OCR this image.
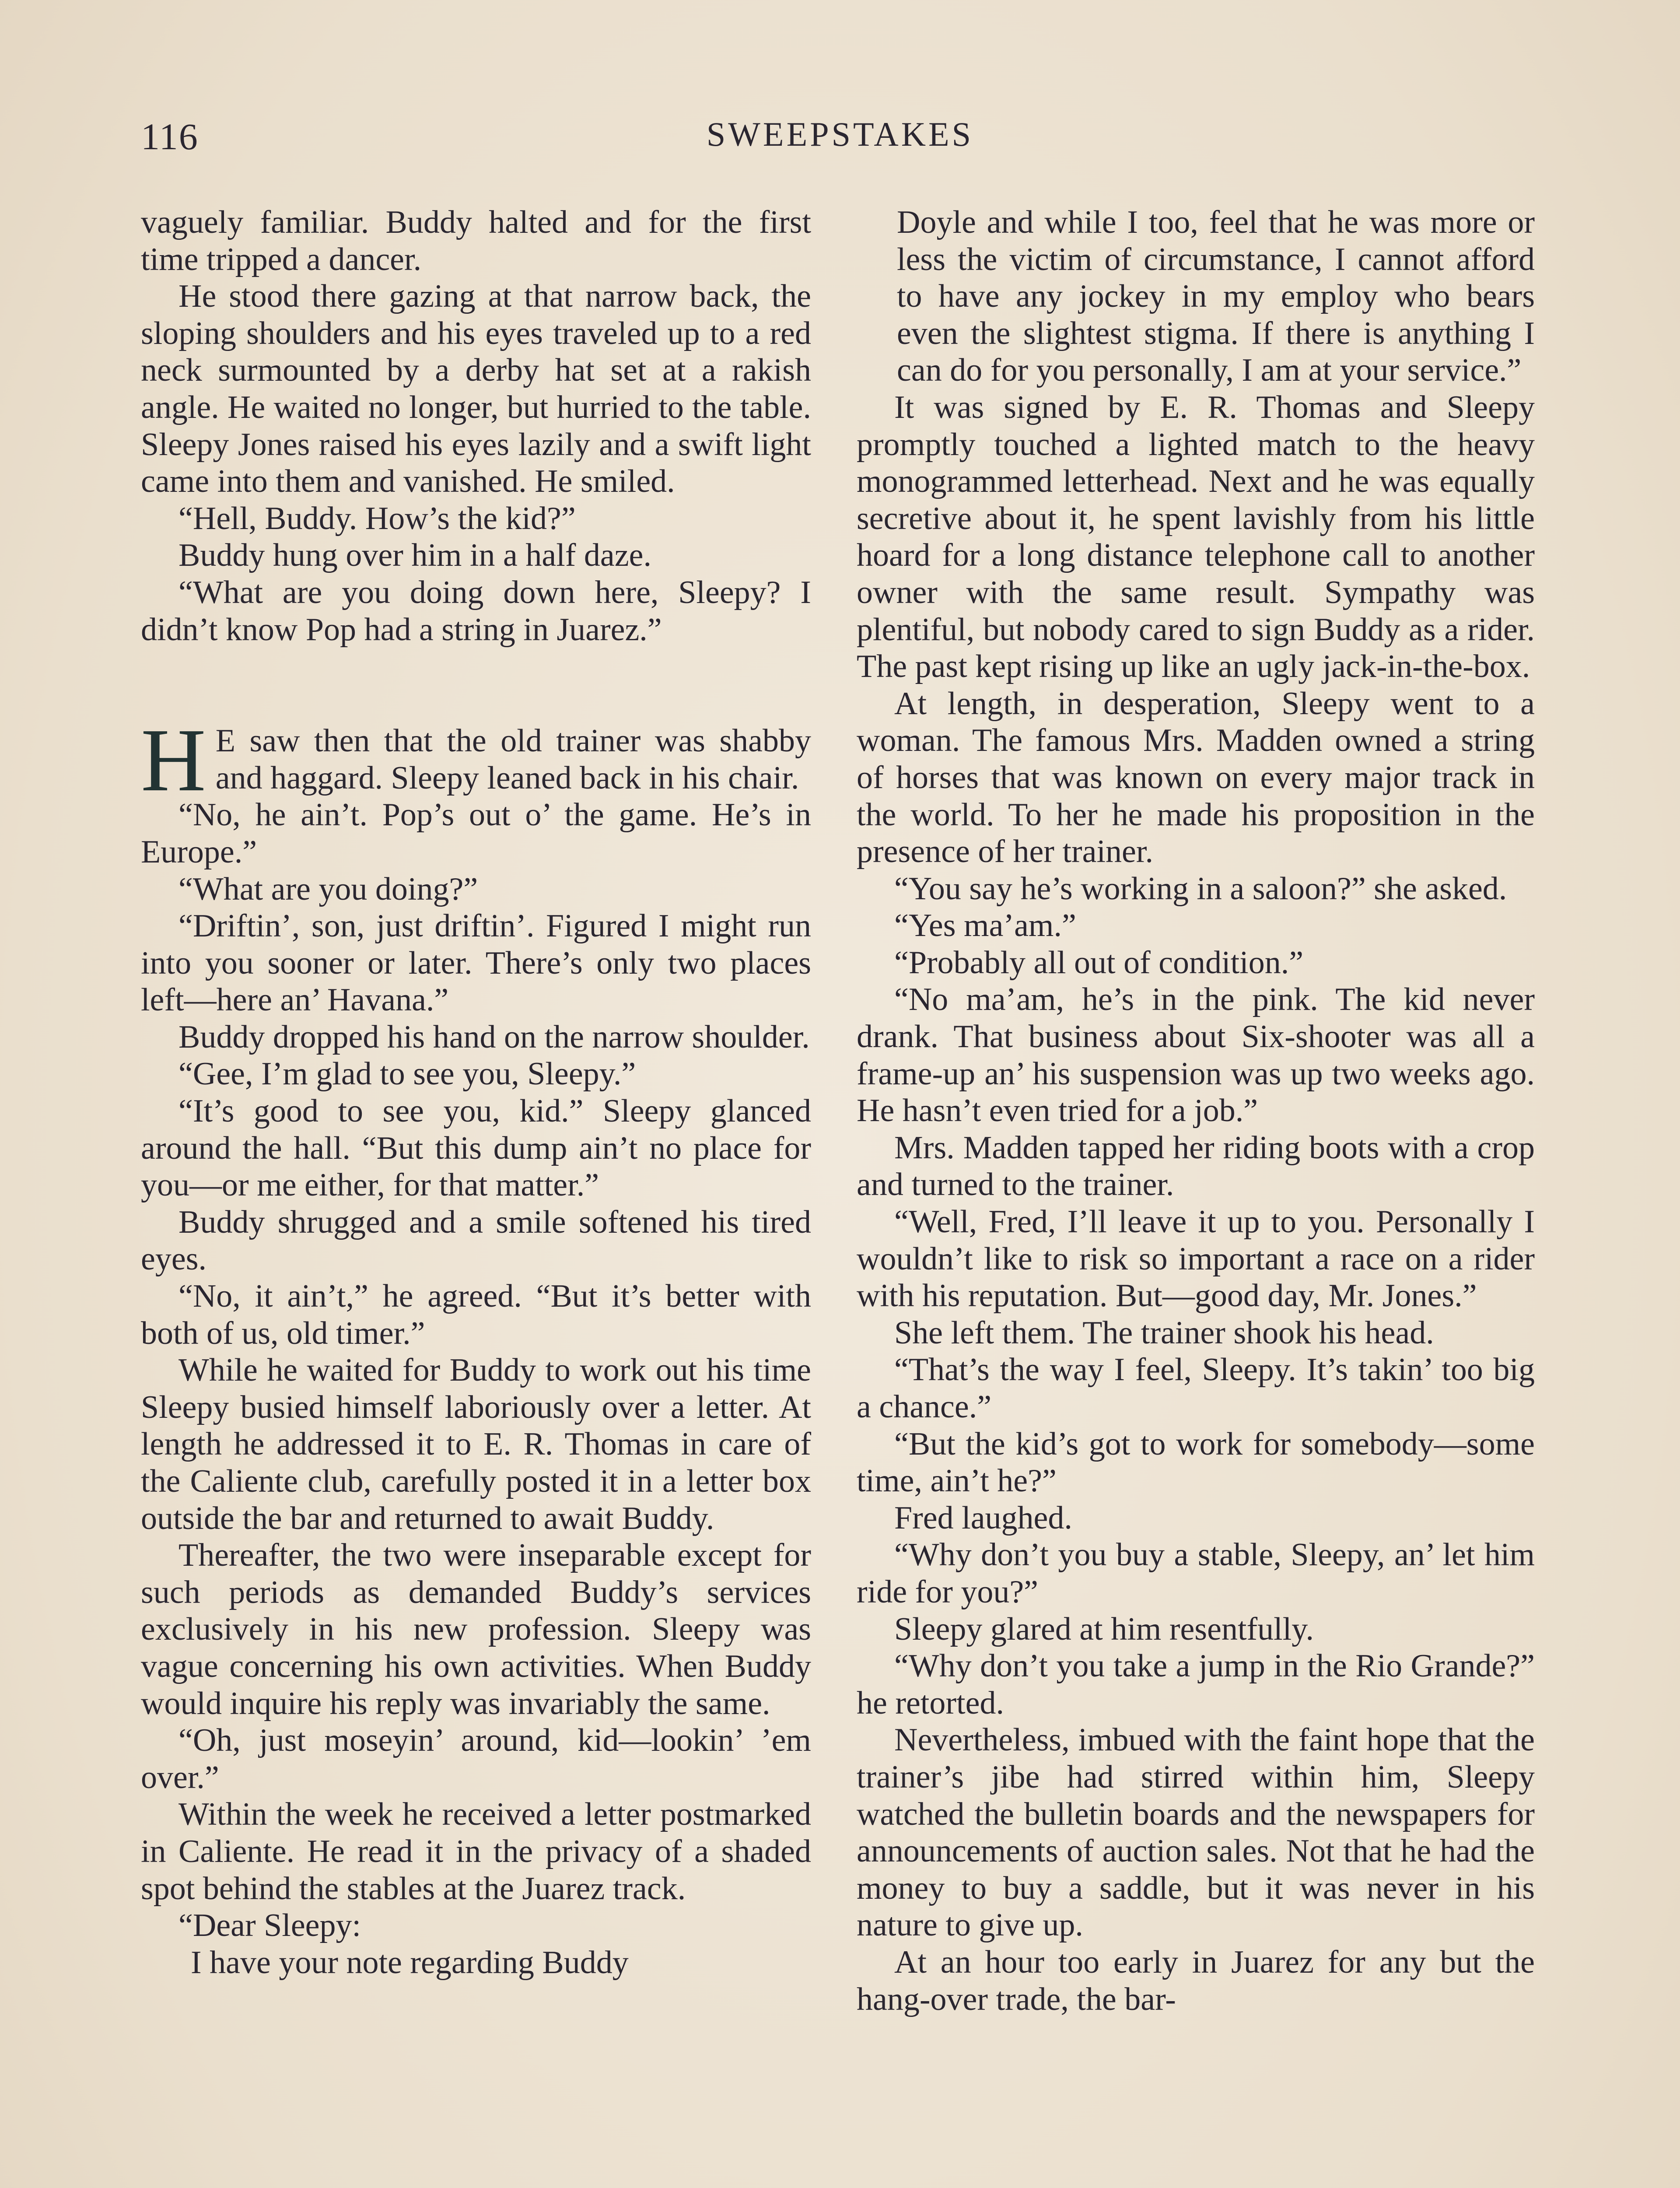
116	SWEEPSTAKES

vaguely familiar. Buddy halted and for the first time tripped a dancer.

He stood there gazing at that narrow back, the sloping shoulders and his eyes traveled up to a red neck surmounted by a derby hat set at a rakish angle. He waited no longer, but hurried to the table. Sleepy Jones raised his eyes lazily and a swift light came into them and vanished. He smiled.

“Hell, Buddy. How’s the kid?”

Buddy hung over him in a half daze.

“What are you doing down here, Sleepy? I didn’t know Pop had a string in Juarez.”

H E saw then that the old trainer was shabby and haggard. Sleepy leaned back in his chair.

“No, he ain’t. Pop’s out o’ the game. He’s in Europe.”

“What are you doing?”

“Driftin’, son, just driftin’. Figured I might run into you sooner or later. There’s only two places left—here an’ Havana.”

Buddy dropped his hand on the narrow shoulder.

“Gee, I’m glad to see you, Sleepy.”

“It’s good to see you, kid.” Sleepy glanced around the hall. “But this dump ain’t no place for you—or me either, for that matter.”

Buddy shrugged and a smile softened his tired eyes.

“No, it ain’t,” he agreed. “But it’s better with both of us, old timer.”

While he waited for Buddy to work out his time Sleepy busied himself laboriously over a letter. At length he addressed it to E. R. Thomas in care of the Caliente club, carefully posted it in a letter box outside the bar and returned to await Buddy.

Thereafter, the two were inseparable except for such periods as demanded Buddy’s services exclusively in his new profession. Sleepy was vague concerning his own activities. When Buddy would inquire his reply was invariably the same.

“Oh, just moseyin’ around, kid—lookin’ ’em over.”

Within the week he received a letter postmarked in Caliente. He read it in the privacy of a shaded spot behind the stables at the Juarez track.

“Dear Sleepy:

I have your note regarding Buddy

Doyle and while I too, feel that he was more or less the victim of circumstance, I cannot afford to have any jockey in my employ who bears even the slightest stigma. If there is anything I can do for you personally, I am at your service.”

It was signed by E. R. Thomas and Sleepy promptly touched a lighted match to the heavy monogrammed letterhead. Next and he was equally secretive about it, he spent lavishly from his little hoard for a long distance telephone call to another owner with the same result. Sympathy was plentiful, but nobody cared to sign Buddy as a rider. The past kept rising up like an ugly jack-in-the-box.

At length, in desperation, Sleepy went to a woman. The famous Mrs. Madden owned a string of horses that was known on every major track in the world. To her he made his proposition in the presence of her trainer.

“You say he’s working in a saloon?” she asked.

“Yes ma’am.”

“Probably all out of condition.”

“No ma’am, he’s in the pink. The kid never drank. That business about Six-shooter was all a frame-up an’ his suspension was up two weeks ago. He hasn’t even tried for a job.”

Mrs. Madden tapped her riding boots with a crop and turned to the trainer.

“Well, Fred, I’ll leave it up to you. Personally I wouldn’t like to risk so important a race on a rider with his reputation. But—good day, Mr. Jones.”

She left them. The trainer shook his head.

“That’s the way I feel, Sleepy. It’s takin’ too big a chance.”

“But the kid’s got to work for somebody—some time, ain’t he?”

Fred laughed.

“Why don’t you buy a stable, Sleepy, an’ let him ride for you?”

Sleepy glared at him resentfully.

“Why don’t you take a jump in the Rio Grande?” he retorted.

Nevertheless, imbued with the faint hope that the trainer’s jibe had stirred within him, Sleepy watched the bulletin boards and the newspapers for announcements of auction sales. Not that he had the money to buy a saddle, but it was never in his nature to give up.

At an hour too early in Juarez for any but the hang-over trade, the bar-
